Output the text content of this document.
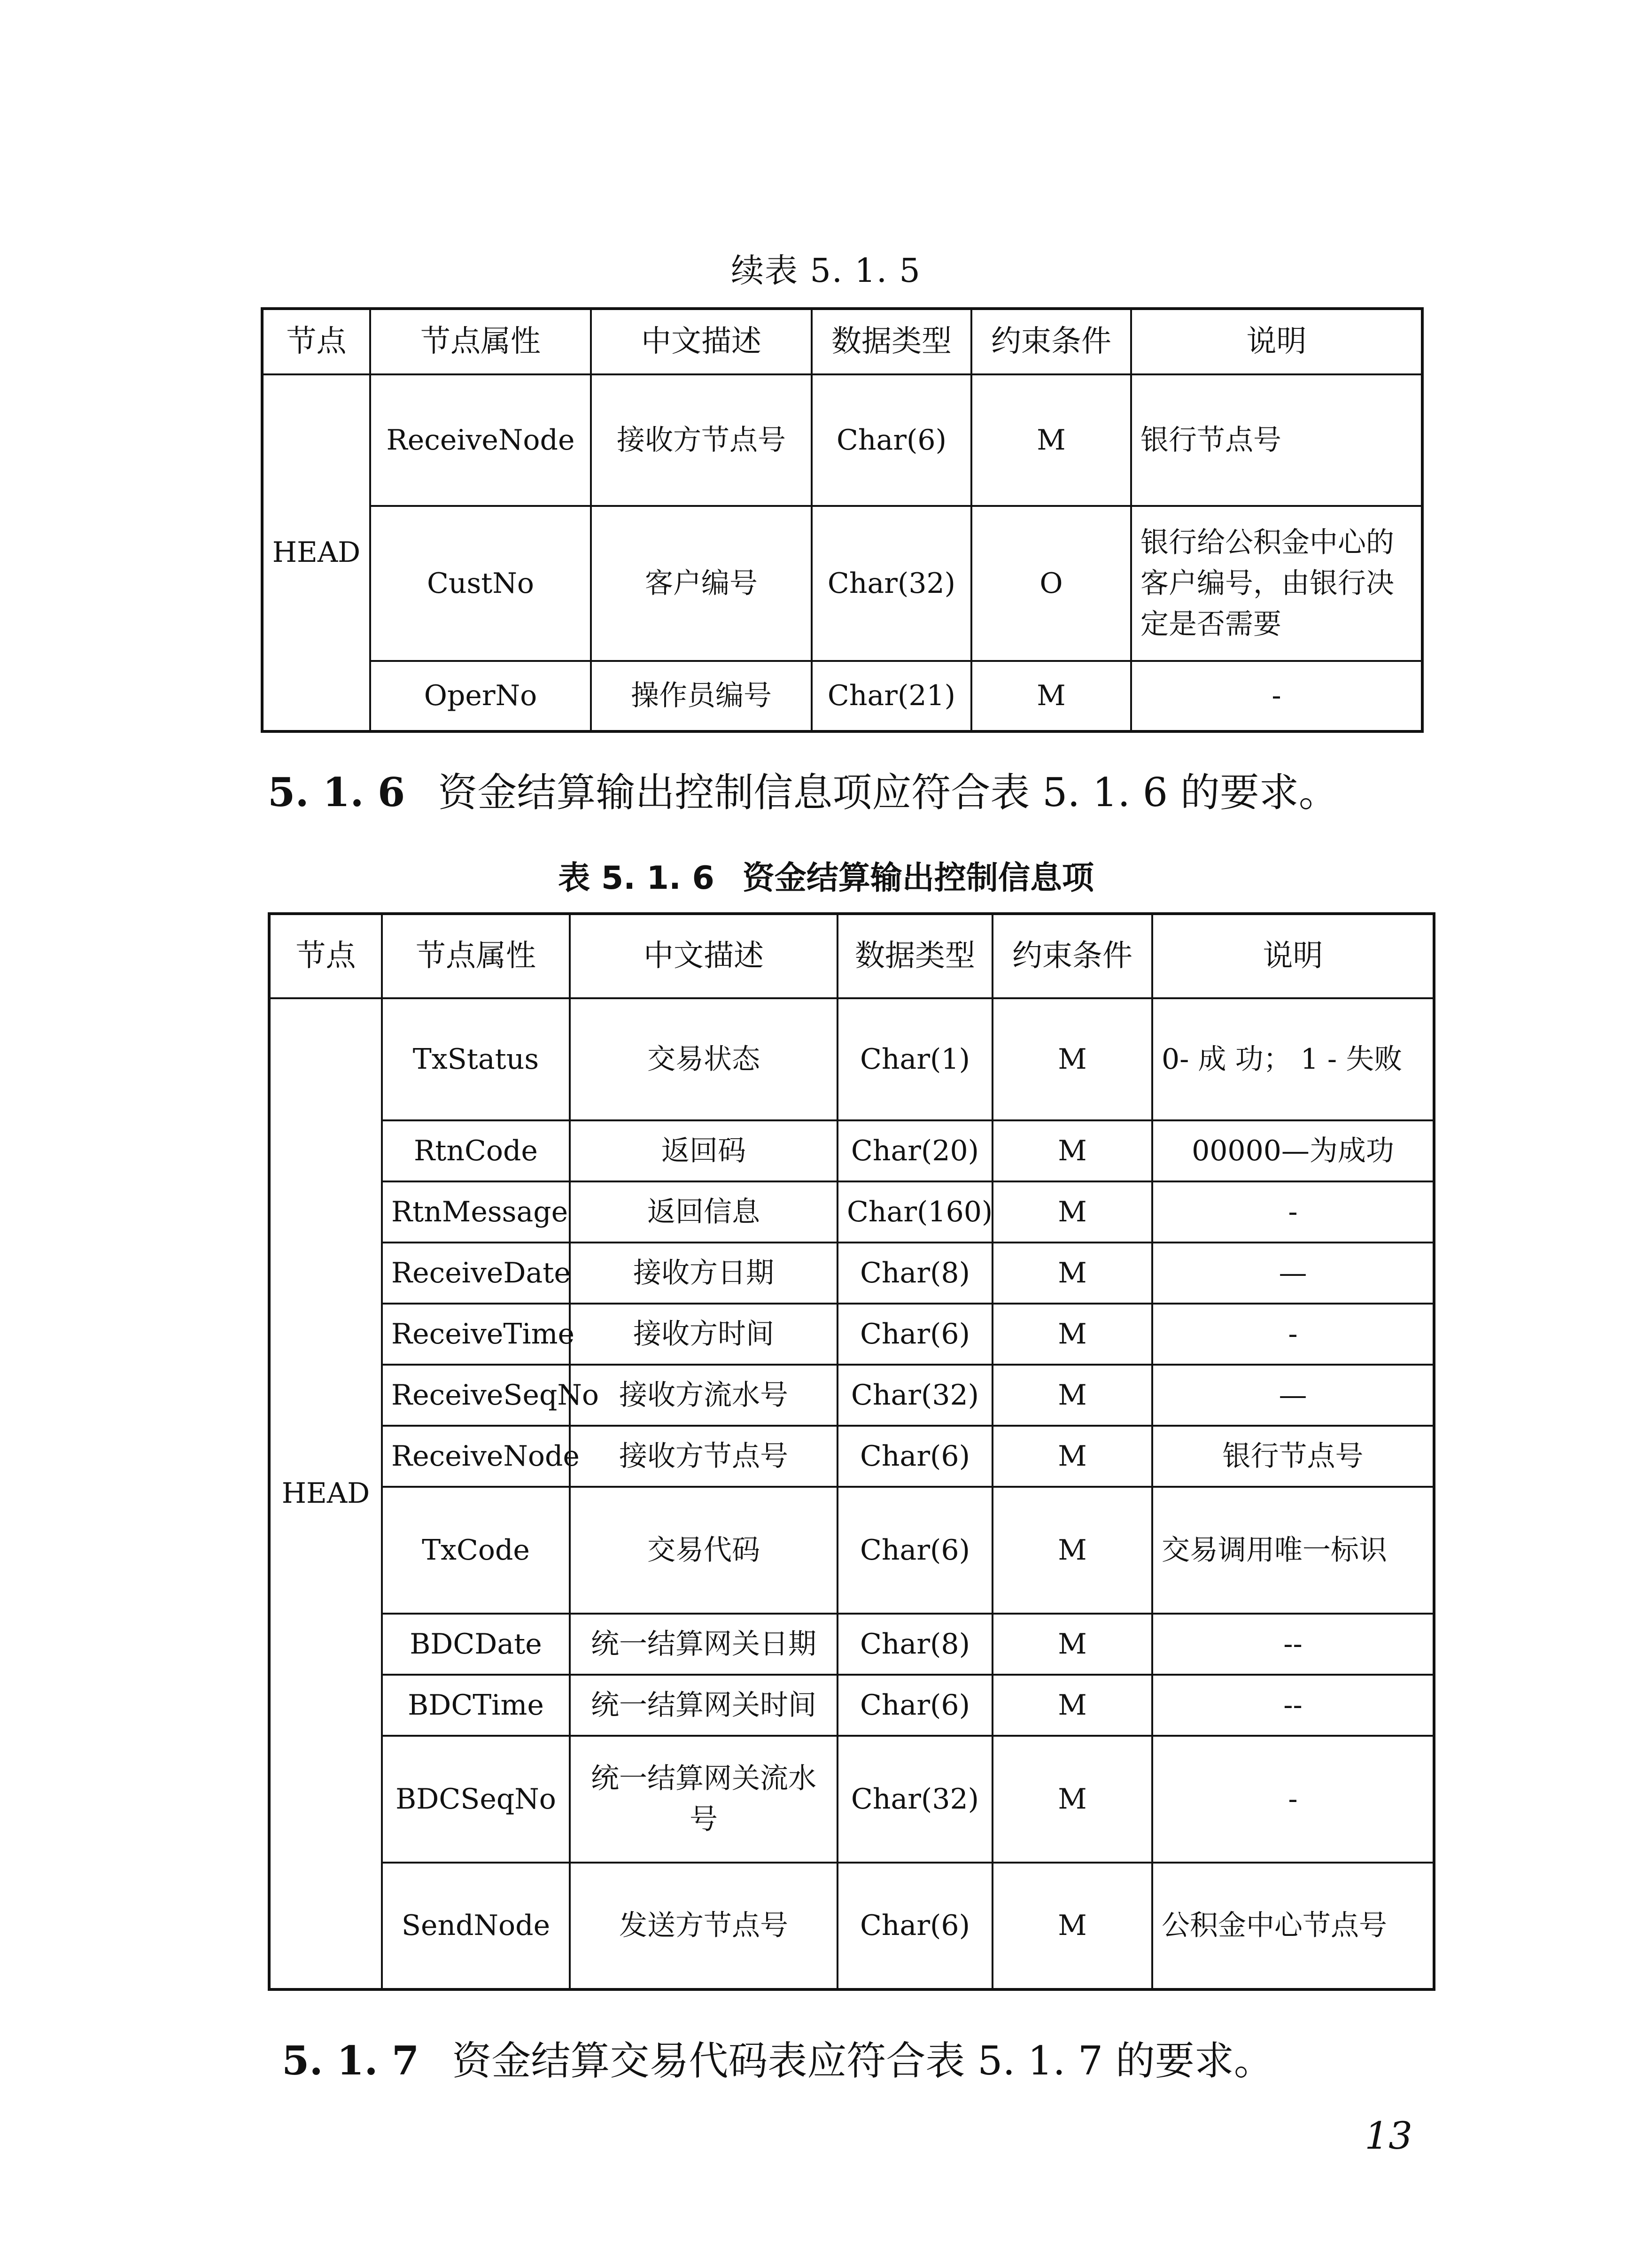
续表 5. 1. 5
节点	节点属性	中文描述	数据类型	约束条件	说明
HEAD	ReceiveNode	接收方节点号	Char(6)	M	银行节点号
	CustNo	客户编号	Char(32)	O	银行给公积金中心的客户编号，由银行决定是否需要
	OperNo	操作员编号	Char(21)	M	-
5. 1. 6 资金结算输出控制信息项应符合表 5. 1. 6 的要求。
表 5. 1. 6 资金结算输出控制信息项
节点	节点属性	中文描述	数据类型	约束条件	说明
HEAD	TxStatus	交易状态	Char(1)	M	0- 成 功； 1 - 失败
	RtnCode	返回码	Char(20)	M	00000—为成功
	RtnMessage	返回信息	Char(160)	M	-
	ReceiveDate	接收方日期	Char(8)	M	—
	ReceiveTime	接收方时间	Char(6)	M	-
	ReceiveSeqNo	接收方流水号	Char(32)	M	—
	ReceiveNode	接收方节点号	Char(6)	M	银行节点号
	TxCode	交易代码	Char(6)	M	交易调用唯一标识
	BDCDate	统一结算网关日期	Char(8)	M	--
	BDCTime	统一结算网关时间	Char(6)	M	--
	BDCSeqNo	统一结算网关流水号	Char(32)	M	-
	SendNode	发送方节点号	Char(6)	M	公积金中心节点号
5. 1. 7 资金结算交易代码表应符合表 5. 1. 7 的要求。
13
